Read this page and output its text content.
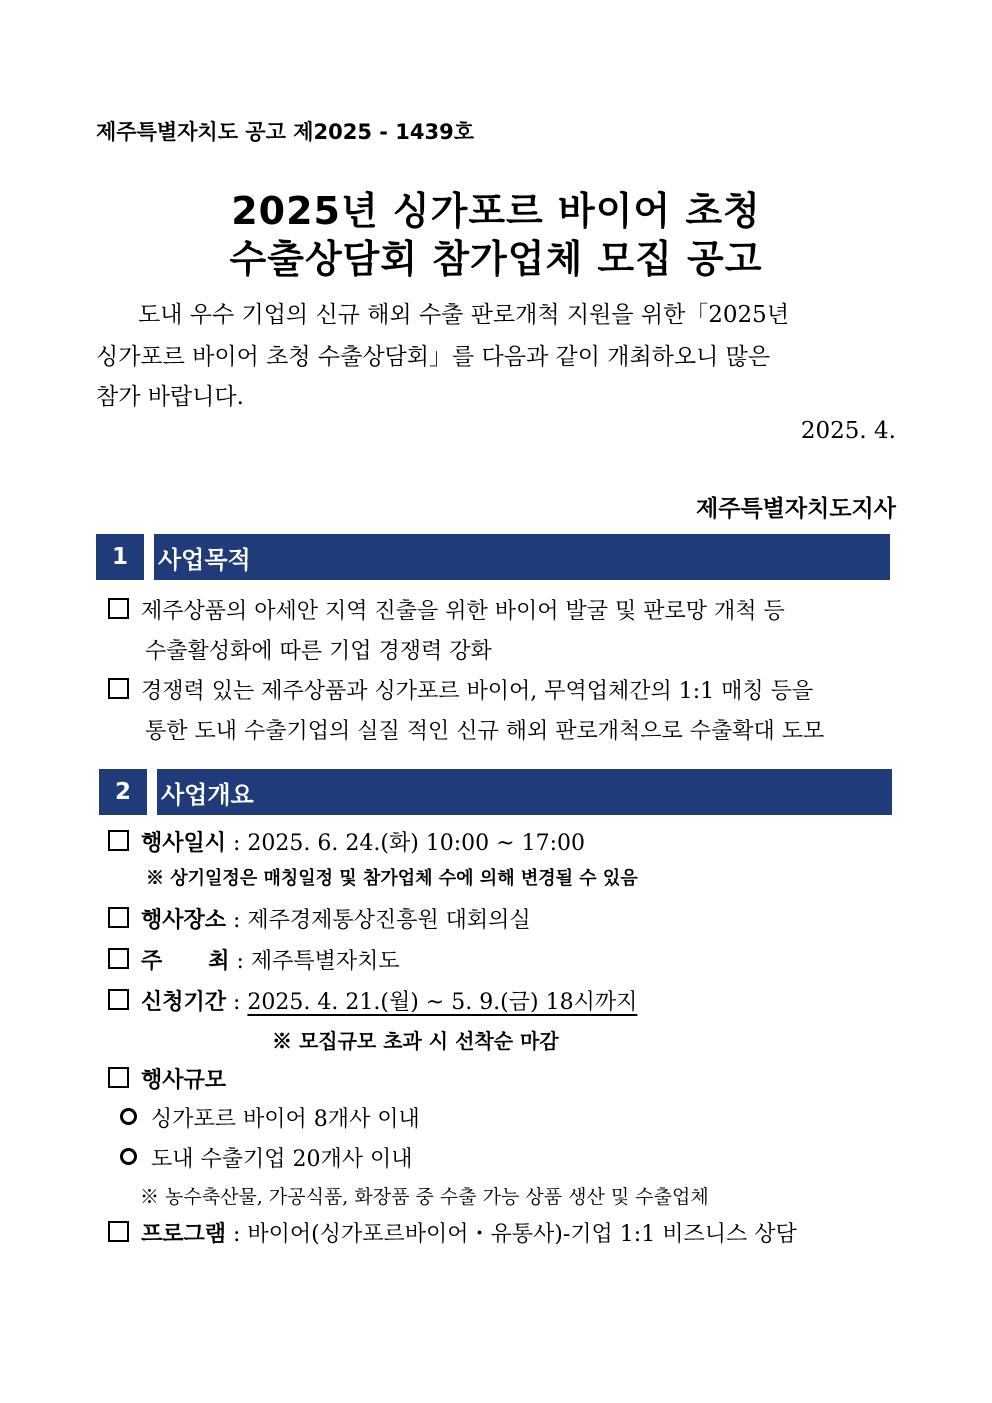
제주특별자치도 공고 제2025 - 1439호
2025년 싱가포르 바이어 초청
수출상담회 참가업체 모집 공고
도내 우수 기업의 신규 해외 수출 판로개척 지원을 위한「2025년
싱가포르 바이어 초청 수출상담회」를 다음과 같이 개최하오니 많은
참가 바랍니다.
2025. 4.
제주특별자치도지사
1	사업목적
제주상품의 아세안 지역 진출을 위한 바이어 발굴 및 판로망 개척 등
수출활성화에 따른 기업 경쟁력 강화
경쟁력 있는 제주상품과 싱가포르 바이어, 무역업체간의 1:1 매칭 등을
통한 도내 수출기업의 실질 적인 신규 해외 판로개척으로 수출확대 도모
2	사업개요
행사일시 : 2025. 6. 24.(화) 10:00 ~ 17:00
※ 상기일정은 매칭일정 및 참가업체 수에 의해 변경될 수 있음
행사장소 : 제주경제통상진흥원 대회의실
주      최 : 제주특별자치도
신청기간 : 2025. 4. 21.(월) ~ 5. 9.(금) 18시까지
※ 모집규모 초과 시 선착순 마감
행사규모
싱가포르 바이어 8개사 이내
도내 수출기업 20개사 이내
※ 농수축산물, 가공식품, 화장품 중 수출 가능 상품 생산 및 수출업체
프로그램 : 바이어(싱가포르바이어・유통사)-기업 1:1 비즈니스 상담
